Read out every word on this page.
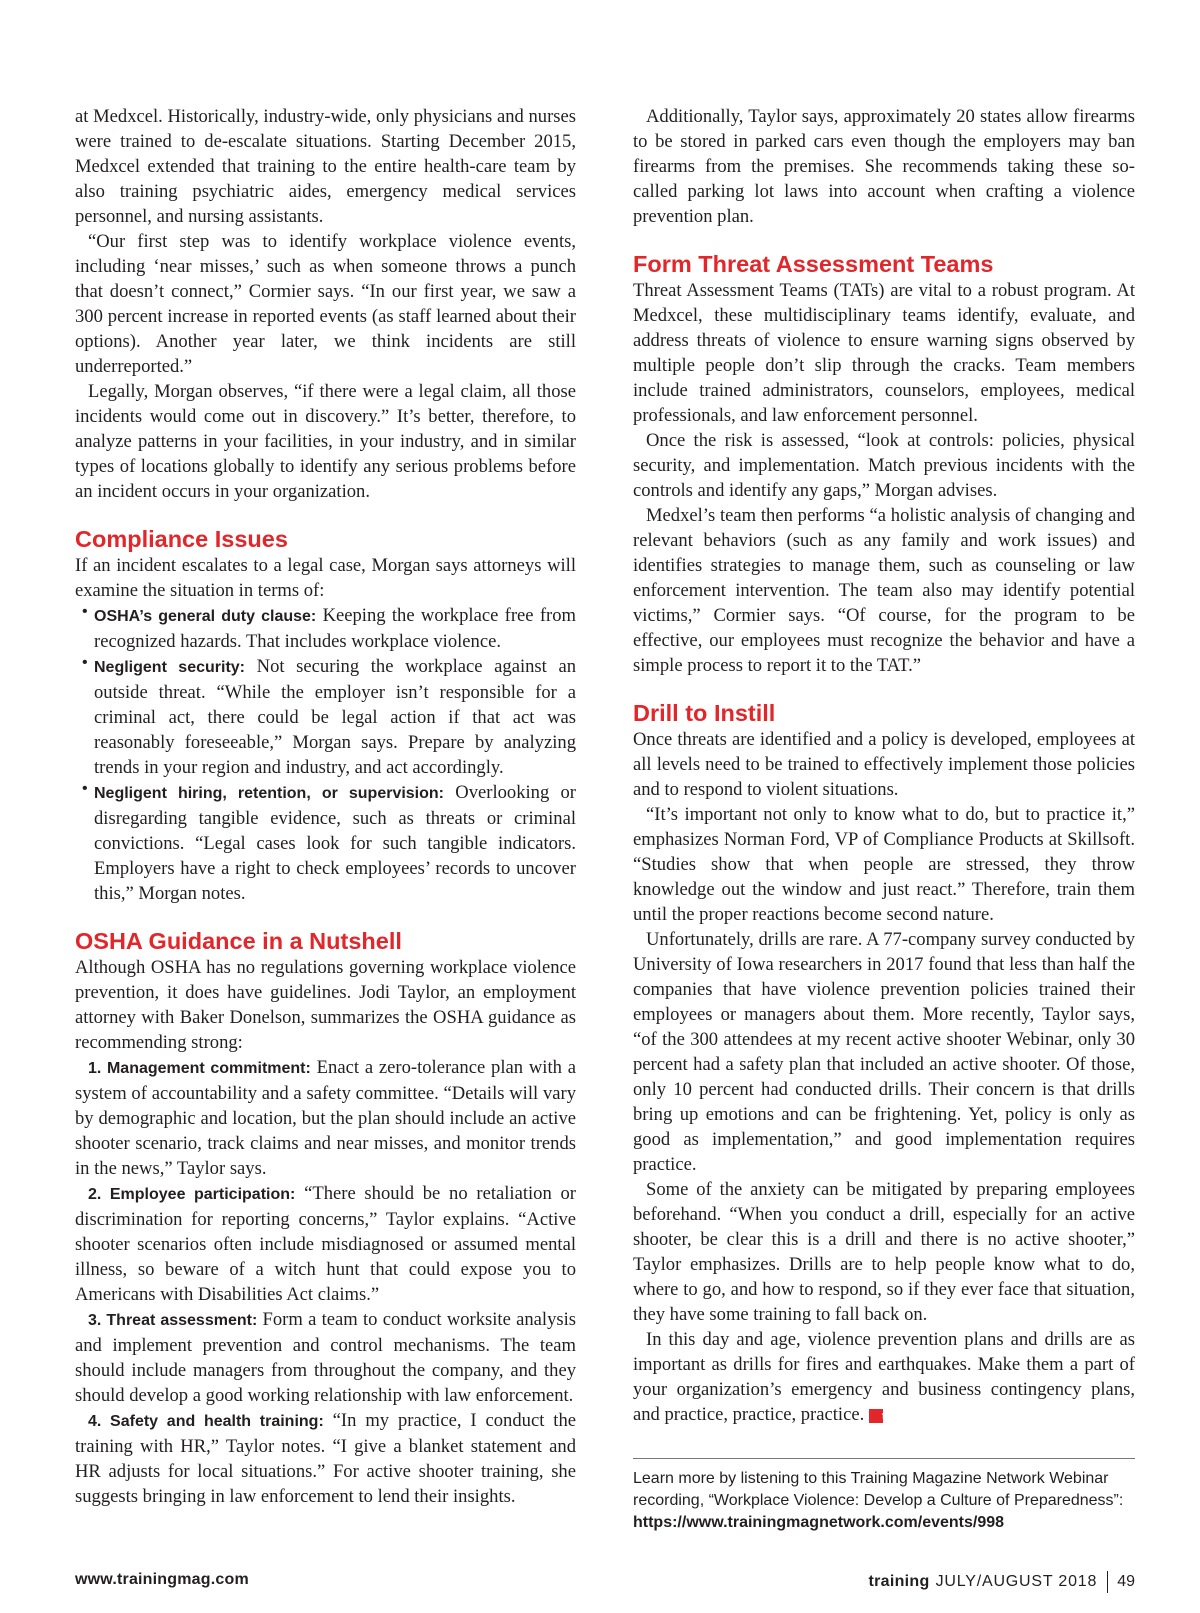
at Medxcel. Historically, industry-wide, only physicians and nurses were trained to de-escalate situations. Starting December 2015, Medxcel extended that training to the entire health-care team by also training psychiatric aides, emergency medical services personnel, and nursing assistants.

“Our first step was to identify workplace violence events, including ‘near misses,’ such as when someone throws a punch that doesn’t connect,” Cormier says. “In our first year, we saw a 300 percent increase in reported events (as staff learned about their options). Another year later, we think incidents are still underreported.”

Legally, Morgan observes, “if there were a legal claim, all those incidents would come out in discovery.” It’s better, therefore, to analyze patterns in your facilities, in your industry, and in similar types of locations globally to identify any serious problems before an incident occurs in your organization.

Compliance Issues

If an incident escalates to a legal case, Morgan says attorneys will examine the situation in terms of:

• OSHA’s general duty clause: Keeping the workplace free from recognized hazards. That includes workplace violence.

• Negligent security: Not securing the workplace against an outside threat. “While the employer isn’t responsible for a criminal act, there could be legal action if that act was reasonably foreseeable,” Morgan says. Prepare by analyzing trends in your region and industry, and act accordingly.

• Negligent hiring, retention, or supervision: Overlooking or disregarding tangible evidence, such as threats or criminal convictions. “Legal cases look for such tangible indicators. Employers have a right to check employees’ records to uncover this,” Morgan notes.

OSHA Guidance in a Nutshell

Although OSHA has no regulations governing workplace violence prevention, it does have guidelines. Jodi Taylor, an employment attorney with Baker Donelson, summarizes the OSHA guidance as recommending strong:

1. Management commitment: Enact a zero-tolerance plan with a system of accountability and a safety committee. “Details will vary by demographic and location, but the plan should include an active shooter scenario, track claims and near misses, and monitor trends in the news,” Taylor says.

2. Employee participation: “There should be no retaliation or discrimination for reporting concerns,” Taylor explains. “Active shooter scenarios often include misdiagnosed or assumed mental illness, so beware of a witch hunt that could expose you to Americans with Disabilities Act claims.”

3. Threat assessment: Form a team to conduct worksite analysis and implement prevention and control mechanisms. The team should include managers from throughout the company, and they should develop a good working relationship with law enforcement.

4. Safety and health training: “In my practice, I conduct the training with HR,” Taylor notes. “I give a blanket statement and HR adjusts for local situations.” For active shooter training, she suggests bringing in law enforcement to lend their insights.

Additionally, Taylor says, approximately 20 states allow firearms to be stored in parked cars even though the employers may ban firearms from the premises. She recommends taking these so-called parking lot laws into account when crafting a violence prevention plan.

Form Threat Assessment Teams

Threat Assessment Teams (TATs) are vital to a robust program. At Medxcel, these multidisciplinary teams identify, evaluate, and address threats of violence to ensure warning signs observed by multiple people don’t slip through the cracks. Team members include trained administrators, counselors, employees, medical professionals, and law enforcement personnel.

Once the risk is assessed, “look at controls: policies, physical security, and implementation. Match previous incidents with the controls and identify any gaps,” Morgan advises.

Medxel’s team then performs “a holistic analysis of changing and relevant behaviors (such as any family and work issues) and identifies strategies to manage them, such as counseling or law enforcement intervention. The team also may identify potential victims,” Cormier says. “Of course, for the program to be effective, our employees must recognize the behavior and have a simple process to report it to the TAT.”

Drill to Instill

Once threats are identified and a policy is developed, employees at all levels need to be trained to effectively implement those policies and to respond to violent situations.

“It’s important not only to know what to do, but to practice it,” emphasizes Norman Ford, VP of Compliance Products at Skillsoft. “Studies show that when people are stressed, they throw knowledge out the window and just react.” Therefore, train them until the proper reactions become second nature.

Unfortunately, drills are rare. A 77-company survey conducted by University of Iowa researchers in 2017 found that less than half the companies that have violence prevention policies trained their employees or managers about them. More recently, Taylor says, “of the 300 attendees at my recent active shooter Webinar, only 30 percent had a safety plan that included an active shooter. Of those, only 10 percent had conducted drills. Their concern is that drills bring up emotions and can be frightening. Yet, policy is only as good as implementation,” and good implementation requires practice.

Some of the anxiety can be mitigated by preparing employees beforehand. “When you conduct a drill, especially for an active shooter, be clear this is a drill and there is no active shooter,” Taylor emphasizes. Drills are to help people know what to do, where to go, and how to respond, so if they ever face that situation, they have some training to fall back on.

In this day and age, violence prevention plans and drills are as important as drills for fires and earthquakes. Make them a part of your organization’s emergency and business contingency plans, and practice, practice, practice. t

Learn more by listening to this Training Magazine Network Webinar recording, “Workplace Violence: Develop a Culture of Preparedness”:
https://www.trainingmagnetwork.com/events/998
www.trainingmag.com	training JULY/AUGUST 2018 49
